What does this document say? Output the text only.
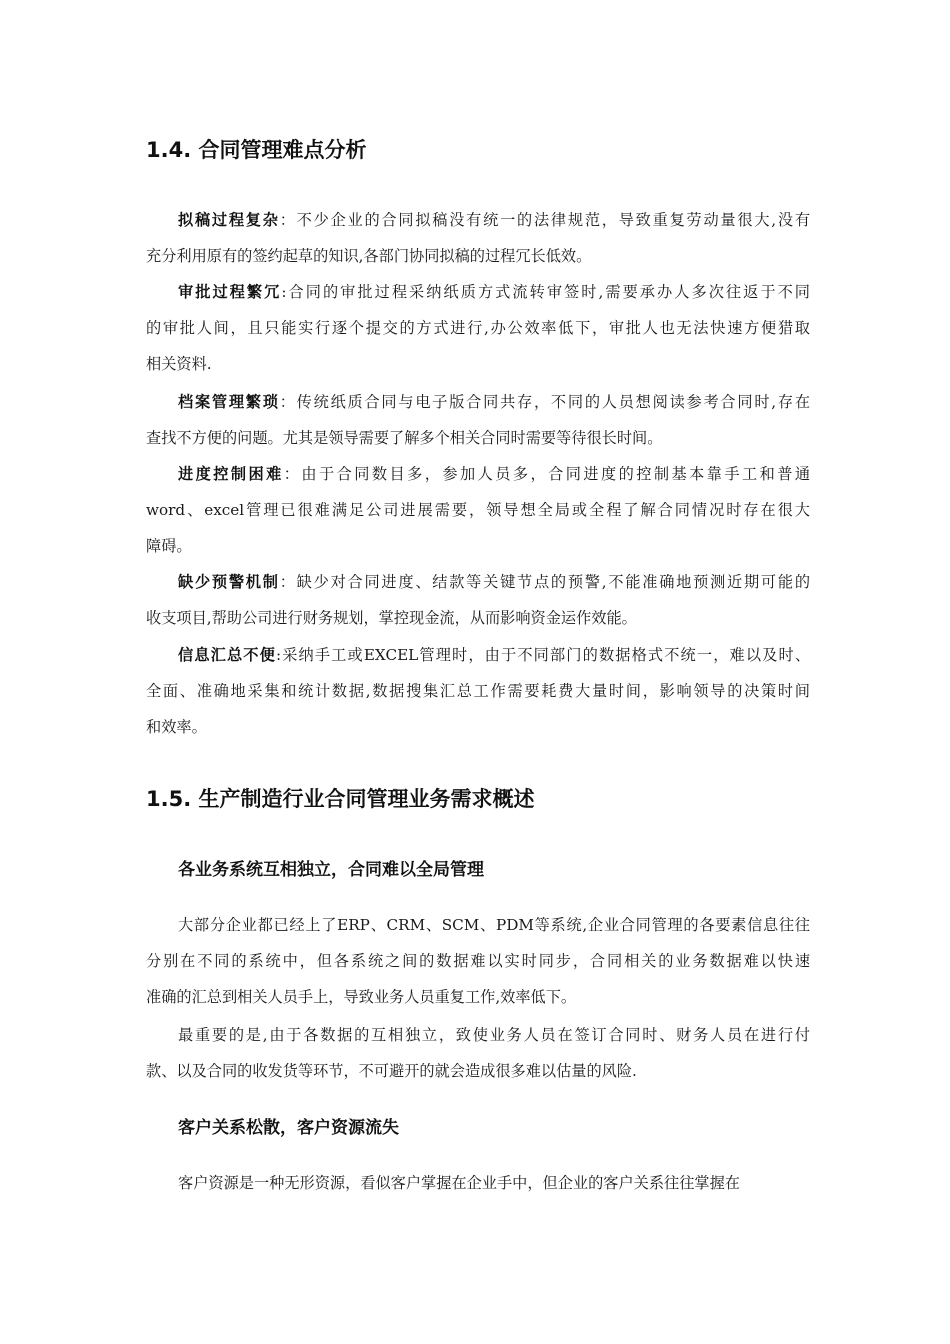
1.4. 合同管理难点分析
拟稿过程复杂：不少企业的合同拟稿没有统一的法律规范，导致重复劳动量很大,没有
充分利用原有的签约起草的知识,各部门协同拟稿的过程冗长低效。
审批过程繁冗:合同的审批过程采纳纸质方式流转审签时,需要承办人多次往返于不同
的审批人间，且只能实行逐个提交的方式进行,办公效率低下，审批人也无法快速方便猎取
相关资料.
档案管理繁琐：传统纸质合同与电子版合同共存，不同的人员想阅读参考合同时,存在
查找不方便的问题。尤其是领导需要了解多个相关合同时需要等待很长时间。
进度控制困难：由于合同数目多，参加人员多，合同进度的控制基本靠手工和普通
word、excel管理已很难满足公司进展需要，领导想全局或全程了解合同情况时存在很大
障碍。
缺少预警机制：缺少对合同进度、结款等关键节点的预警,不能准确地预测近期可能的
收支项目,帮助公司进行财务规划，掌控现金流，从而影响资金运作效能。
信息汇总不便:采纳手工或EXCEL管理时，由于不同部门的数据格式不统一，难以及时、
全面、准确地采集和统计数据,数据搜集汇总工作需要耗费大量时间，影响领导的决策时间
和效率。
1.5. 生产制造行业合同管理业务需求概述
各业务系统互相独立，合同难以全局管理
大部分企业都已经上了ERP、CRM、SCM、PDM等系统,企业合同管理的各要素信息往往
分别在不同的系统中，但各系统之间的数据难以实时同步，合同相关的业务数据难以快速
准确的汇总到相关人员手上，导致业务人员重复工作,效率低下。
最重要的是,由于各数据的互相独立，致使业务人员在签订合同时、财务人员在进行付
款、以及合同的收发货等环节，不可避开的就会造成很多难以估量的风险.
客户关系松散，客户资源流失
客户资源是一种无形资源，看似客户掌握在企业手中，但企业的客户关系往往掌握在
